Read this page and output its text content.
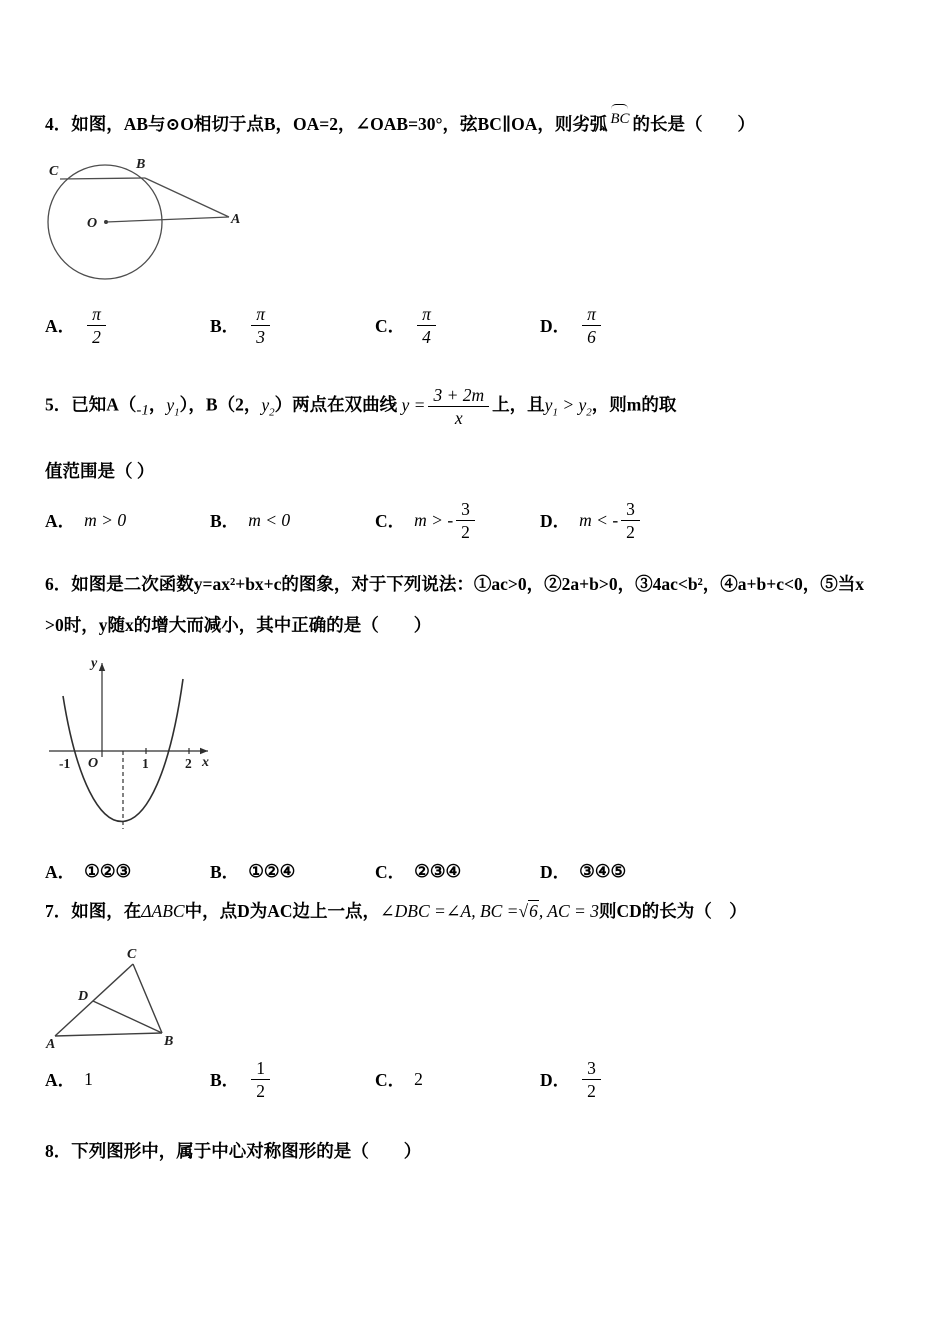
4．如图，AB与⊙O相切于点B，OA=2，∠OAB=30°，弦BC∥OA，则劣弧 BC 的长是（　　）
C	B
O	A
A． $\frac{\pi}{2}$	B． $\frac{\pi}{3}$	C． $\frac{\pi}{4}$	D． $\frac{\pi}{6}$
5．已知A（-1，$y_1$），B（2，$y_2$）两点在双曲线 $y = \frac{3 + 2m}{x}$ 上，且$y_1 > y_2$，则m的取
值范围是（ ）
A． m > 0	B． m < 0	C． m > - $\frac{3}{2}$	D． m < - $\frac{3}{2}$
6．如图是二次函数y=ax²+bx+c的图象，对于下列说法：①ac>0，②2a+b>0，③4ac<b²，④a+b+c<0，⑤当x
>0时，y随x的增大而减小，其中正确的是（　　）
y
x
-1 O	1	2
A． ①②③	B． ①②④	C． ②③④	D． ③④⑤
7．如图，在ΔABC中，点D为AC边上一点，∠DBC =∠A, BC =√6, AC = 3则CD的长为（　）
A	B
C
D
A． 1	B． $\frac{1}{2}$	C． 2	D． $\frac{3}{2}$
8．下列图形中，属于中心对称图形的是（　　）
